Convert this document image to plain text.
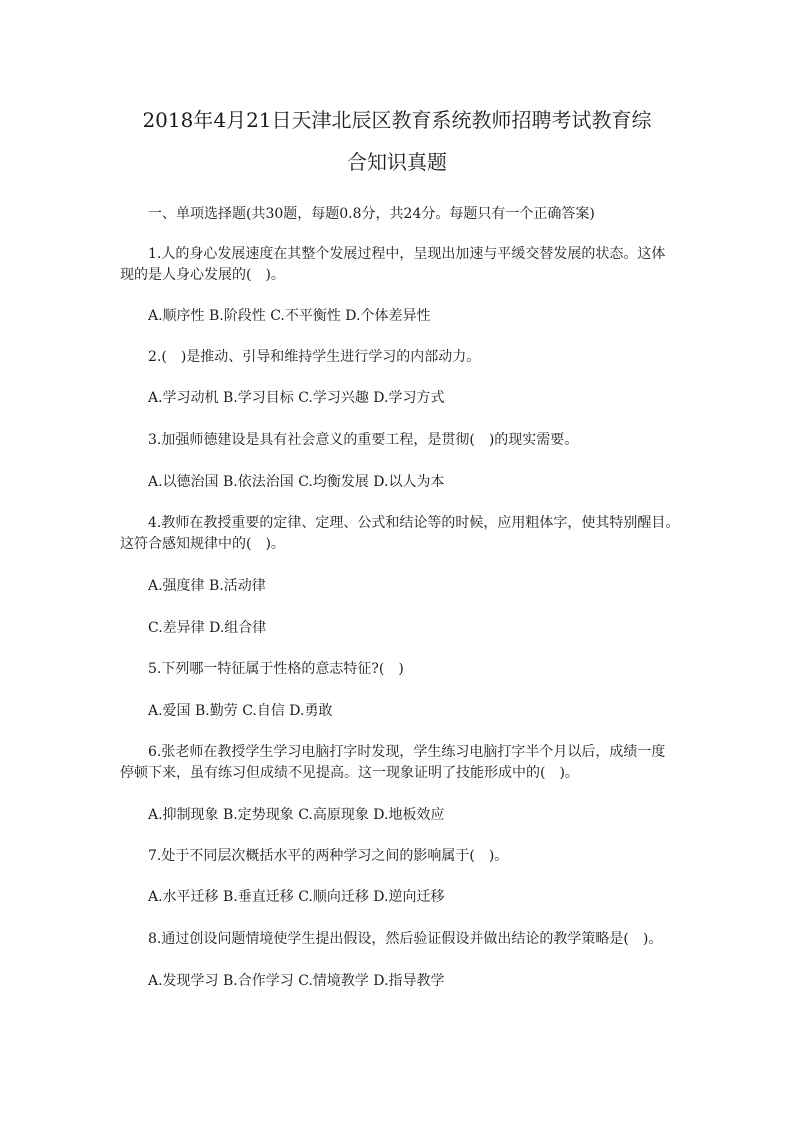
2018年4月21日天津北辰区教育系统教师招聘考试教育综
合知识真题
一、单项选择题(共30题，每题0.8分，共24分。每题只有一个正确答案)
1.人的身心发展速度在其整个发展过程中，呈现出加速与平缓交替发展的状态。这体
现的是人身心发展的(　)。
A.顺序性 B.阶段性 C.不平衡性 D.个体差异性
2.(　)是推动、引导和维持学生进行学习的内部动力。
A.学习动机 B.学习目标 C.学习兴趣 D.学习方式
3.加强师德建设是具有社会意义的重要工程，是贯彻(　)的现实需要。
A.以德治国 B.依法治国 C.均衡发展 D.以人为本
4.教师在教授重要的定律、定理、公式和结论等的时候，应用粗体字，使其特别醒目。
这符合感知规律中的(　)。
A.强度律 B.活动律
C.差异律 D.组合律
5.下列哪一特征属于性格的意志特征?(　)
A.爱国 B.勤劳 C.自信 D.勇敢
6.张老师在教授学生学习电脑打字时发现，学生练习电脑打字半个月以后，成绩一度
停顿下来，虽有练习但成绩不见提高。这一现象证明了技能形成中的(　)。
A.抑制现象 B.定势现象 C.高原现象 D.地板效应
7.处于不同层次概括水平的两种学习之间的影响属于(　)。
A.水平迁移 B.垂直迁移 C.顺向迁移 D.逆向迁移
8.通过创设问题情境使学生提出假设，然后验证假设并做出结论的教学策略是(　)。
A.发现学习 B.合作学习 C.情境教学 D.指导教学
